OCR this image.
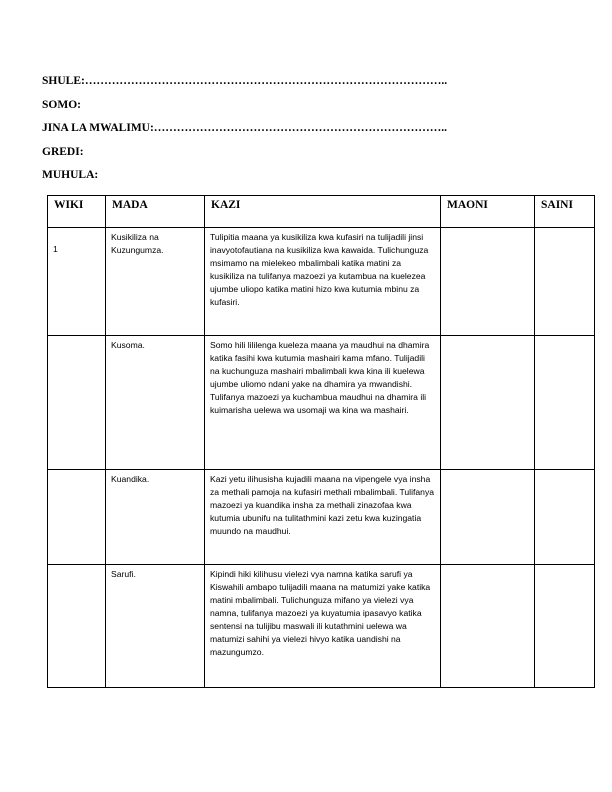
SHULE:…………………………………………………………………………………..
SOMO:
JINA LA MWALIMU:…………………………………………………………………..
GREDI:
MUHULA:
WIKI	MADA	KAZI	MAONI	SAINI

1	Kusikiliza na Kuzungumza.	Tulipitia maana ya kusikiliza kwa kufasiri na tulijadili jinsi inavyotofautiana na kusikiliza kwa kawaida. Tulichunguza msimamo na mielekeo mbalimbali katika matini za kusikiliza na tulifanya mazoezi ya kutambua na kuelezea ujumbe uliopo katika matini hizo kwa kutumia mbinu za kufasiri.		

	Kusoma.	Somo hili lililenga kueleza maana ya maudhui na dhamira katika fasihi kwa kutumia mashairi kama mfano. Tulijadili na kuchunguza mashairi mbalimbali kwa kina ili kuelewa ujumbe uliomo ndani yake na dhamira ya mwandishi. Tulifanya mazoezi ya kuchambua maudhui na dhamira ili kuimarisha uelewa wa usomaji wa kina wa mashairi.		

	Kuandika.	Kazi yetu ilihusisha kujadili maana na vipengele vya insha za methali pamoja na kufasiri methali mbalimbali. Tulifanya mazoezi ya kuandika insha za methali zinazofaa kwa kutumia ubunifu na tulitathmini kazi zetu kwa kuzingatia muundo na maudhui.		

	Sarufi.	Kipindi hiki kilihusu vielezi vya namna katika sarufi ya Kiswahili ambapo tulijadili maana na matumizi yake katika matini mbalimbali. Tulichunguza mifano ya vielezi vya namna, tulifanya mazoezi ya kuyatumia ipasavyo katika sentensi na tulijibu maswali ili kutathmini uelewa wa matumizi sahihi ya vielezi hivyo katika uandishi na mazungumzo.		
